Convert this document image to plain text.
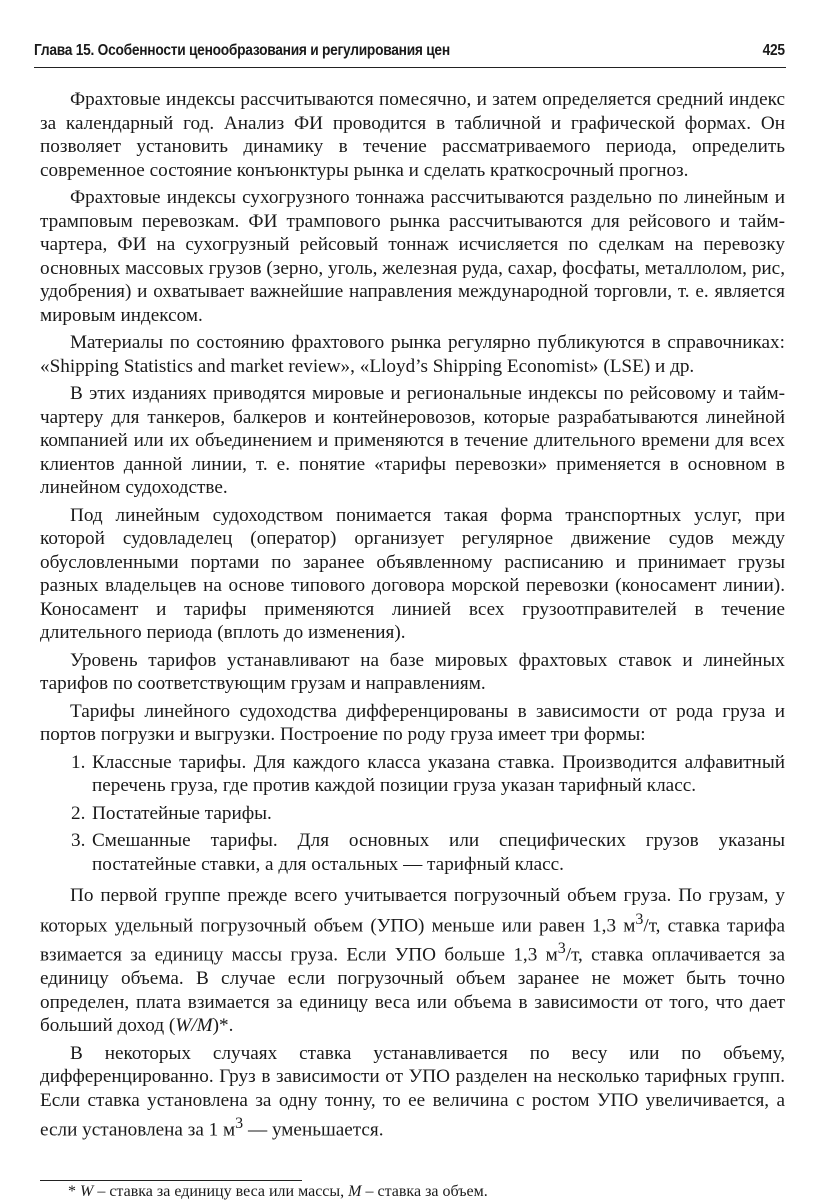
Глава 15. Особенности ценообразования и регулирования цен	425

Фрахтовые индексы рассчитываются помесячно, и затем определяется средний индекс за календарный год. Анализ ФИ проводится в табличной и графической формах. Он позволяет установить динамику в течение рассматриваемого периода, определить современное состояние конъюнктуры рынка и сделать краткосрочный прогноз.

Фрахтовые индексы сухогрузного тоннажа рассчитываются раздельно по линейным и трамповым перевозкам. ФИ трампового рынка рассчитываются для рейсового и тайм-чартера, ФИ на сухогрузный рейсовый тоннаж исчисляется по сделкам на перевозку основных массовых грузов (зерно, уголь, железная руда, сахар, фосфаты, металлолом, рис, удобрения) и охватывает важнейшие направления международной торговли, т. е. является мировым индексом.

Материалы по состоянию фрахтового рынка регулярно публикуются в справочниках: «Shipping Statistics and market review», «Lloyd’s Shipping Economist» (LSE) и др.

В этих изданиях приводятся мировые и региональные индексы по рейсовому и тайм-чартеру для танкеров, балкеров и контейнеровозов, которые разрабатываются линейной компанией или их объединением и применяются в течение длительного времени для всех клиентов данной линии, т. е. понятие «тарифы перевозки» применяется в основном в линейном судоходстве.

Под линейным судоходством понимается такая форма транспортных услуг, при которой судовладелец (оператор) организует регулярное движение судов между обусловленными портами по заранее объявленному расписанию и принимает грузы разных владельцев на основе типового договора морской перевозки (коносамент линии). Коносамент и тарифы применяются линией всех грузоотправителей в течение длительного периода (вплоть до изменения).

Уровень тарифов устанавливают на базе мировых фрахтовых ставок и линейных тарифов по соответствующим грузам и направлениям.

Тарифы линейного судоходства дифференцированы в зависимости от рода груза и портов погрузки и выгрузки. Построение по роду груза имеет три формы:

1. Классные тарифы. Для каждого класса указана ставка. Производится алфавитный перечень груза, где против каждой позиции груза указан тарифный класс.
2. Постатейные тарифы.
3. Смешанные тарифы. Для основных или специфических грузов указаны постатейные ставки, а для остальных — тарифный класс.

По первой группе прежде всего учитывается погрузочный объем груза. По грузам, у которых удельный погрузочный объем (УПО) меньше или равен 1,3 $м^3/т$, ставка тарифа взимается за единицу массы груза. Если УПО больше 1,3 $м^3/т$, ставка оплачивается за единицу объема. В случае если погрузочный объем заранее не может быть точно определен, плата взимается за единицу веса или объема в зависимости от того, что дает больший доход (W/M)*.

В некоторых случаях ставка устанавливается по весу или по объему, дифференцированно. Груз в зависимости от УПО разделен на несколько тарифных групп. Если ставка установлена за одну тонну, то ее величина с ростом УПО увеличивается, а если установлена за 1 $м^3$ — уменьшается.

* W – ставка за единицу веса или массы, M – ставка за объем.
